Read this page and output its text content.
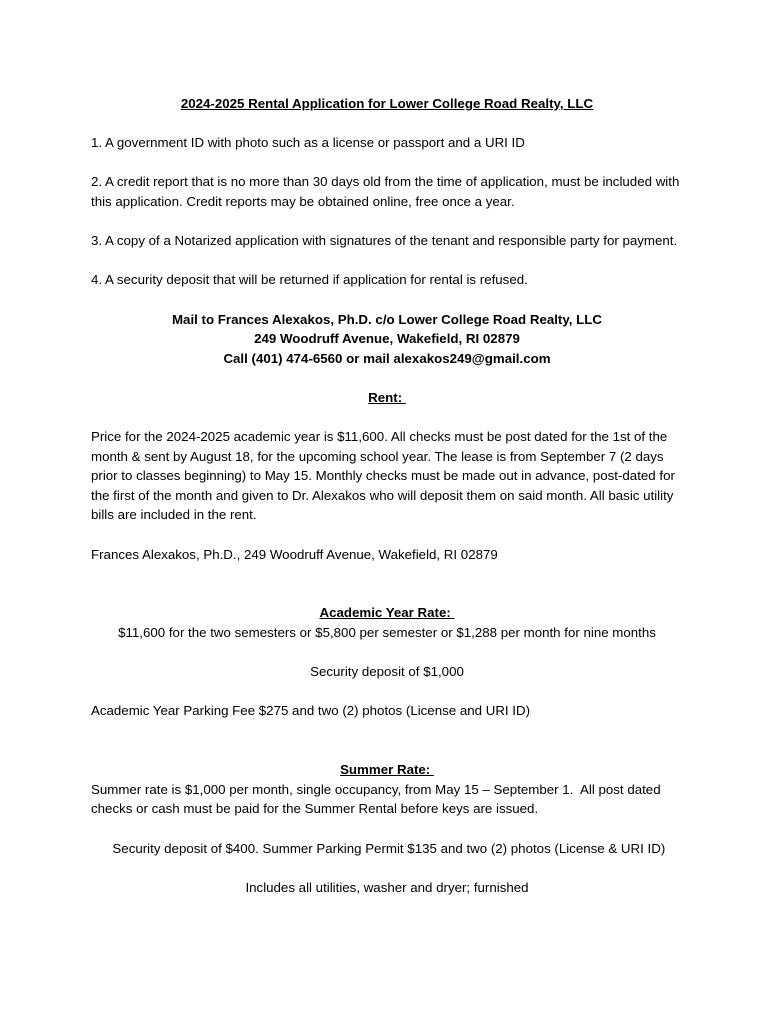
2024-2025 Rental Application for Lower College Road Realty, LLC

1. A government ID with photo such as a license or passport and a URI ID

2. A credit report that is no more than 30 days old from the time of application, must be included with this application. Credit reports may be obtained online, free once a year.

3. A copy of a Notarized application with signatures of the tenant and responsible party for payment.

4. A security deposit that will be returned if application for rental is refused.

Mail to Frances Alexakos, Ph.D. c/o Lower College Road Realty, LLC

249 Woodruff Avenue, Wakefield, RI 02879

Call (401) 474-6560 or mail alexakos249@gmail.com

Rent:

Price for the 2024-2025 academic year is $11,600. All checks must be post dated for the 1st of the month & sent by August 18, for the upcoming school year. The lease is from September 7 (2 days prior to classes beginning) to May 15. Monthly checks must be made out in advance, post-dated for the first of the month and given to Dr. Alexakos who will deposit them on said month. All basic utility bills are included in the rent.

Frances Alexakos, Ph.D., 249 Woodruff Avenue, Wakefield, RI 02879

Academic Year Rate:

$11,600 for the two semesters or $5,800 per semester or $1,288 per month for nine months

Security deposit of $1,000

Academic Year Parking Fee $275 and two (2) photos (License and URI ID)

Summer Rate:

Summer rate is $1,000 per month, single occupancy, from May 15 – September 1.  All post dated checks or cash must be paid for the Summer Rental before keys are issued.

Security deposit of $400. Summer Parking Permit $135 and two (2) photos (License & URI ID)

Includes all utilities, washer and dryer; furnished
